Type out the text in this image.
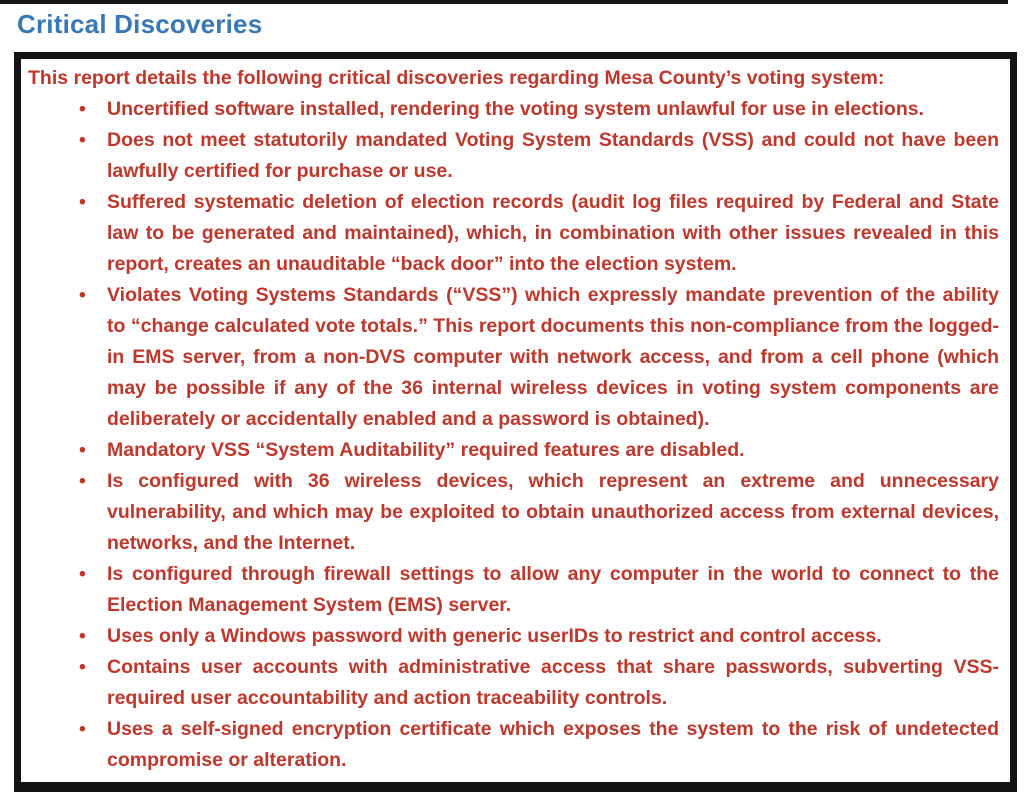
Critical Discoveries

This report details the following critical discoveries regarding Mesa County’s voting system:

• Uncertified software installed, rendering the voting system unlawful for use in elections.
• Does not meet statutorily mandated Voting System Standards (VSS) and could not have been lawfully certified for purchase or use.
• Suffered systematic deletion of election records (audit log files required by Federal and State law to be generated and maintained), which, in combination with other issues revealed in this report, creates an unauditable “back door” into the election system.
• Violates Voting Systems Standards (“VSS”) which expressly mandate prevention of the ability to “change calculated vote totals.” This report documents this non-compliance from the logged-in EMS server, from a non-DVS computer with network access, and from a cell phone (which may be possible if any of the 36 internal wireless devices in voting system components are deliberately or accidentally enabled and a password is obtained).
• Mandatory VSS “System Auditability” required features are disabled.
• Is configured with 36 wireless devices, which represent an extreme and unnecessary vulnerability, and which may be exploited to obtain unauthorized access from external devices, networks, and the Internet.
• Is configured through firewall settings to allow any computer in the world to connect to the Election Management System (EMS) server.
• Uses only a Windows password with generic userIDs to restrict and control access.
• Contains user accounts with administrative access that share passwords, subverting VSS-required user accountability and action traceability controls.
• Uses a self-signed encryption certificate which exposes the system to the risk of undetected compromise or alteration.
